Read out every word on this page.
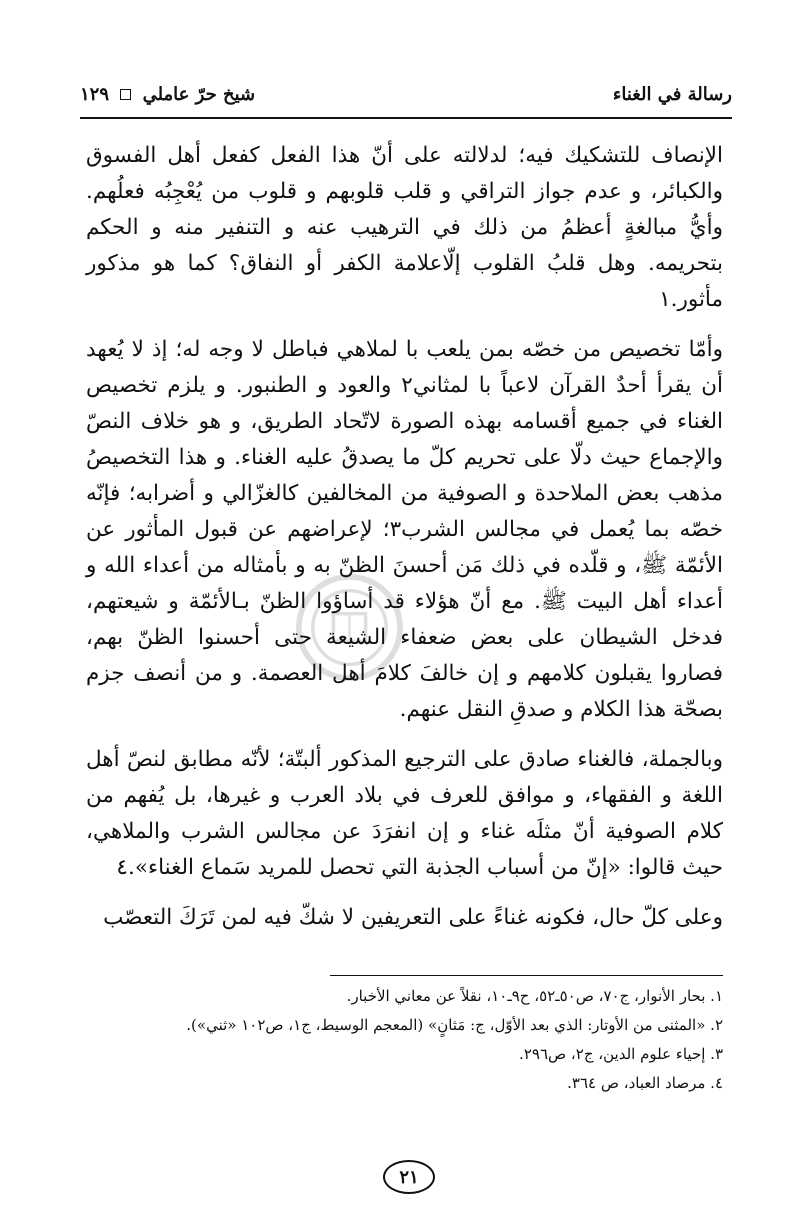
رسالة في الغناء
شيخ حرّ عاملي  ١٢٩

الإنصاف للتشكيك فيه؛ لدلالته على أنّ هذا الفعل كفعل أهل الفسوق والكبائر، و عدم جواز التراقي و قلب قلوبهم و قلوب من يُعْجِبُه فعلُهم. وأيُّ مبالغةٍ أعظمُ من ذلك في الترهيب عنه و التنفير منه و الحكم بتحريمه. وهل قلبُ القلوب إلّاعلامة الكفر أو النفاق؟ كما هو مذكور مأثور.١

وأمّا تخصيص من خصّه بمن يلعب با لملاهي فباطل لا وجه له؛ إذ لا يُعهد أن يقرأ أحدٌ القرآن لاعباً با لمثاني٢ والعود و الطنبور. و يلزم تخصيص الغناء في جميع أقسامه بهذه الصورة لاتّحاد الطريق، و هو خلاف النصّ والإجماع حيث دلّا على تحريم كلّ ما يصدقُ عليه الغناء. و هذا التخصيصُ مذهب بعض الملاحدة و الصوفية من المخالفين كالغزّالي و أضرابه؛ فإنّه خصّه بما يُعمل في مجالس الشرب٣؛ لإعراضهم عن قبول المأثور عن الأئمّة ﷺ، و قلّده في ذلك مَن أحسنَ الظنّ به و بأمثاله من أعداء الله و أعداء أهل البيت ﷺ. مع أنّ هؤلاء قد أساؤوا الظنّ بـالأئمّة و شيعتهم، فدخل الشيطان على بعض ضعفاء الشيعة حتى أحسنوا الظنّ بهم، فصاروا يقبلون كلامهم و إن خالفَ كلامَ أهل العصمة. و من أنصف جزم بصحّة هذا الكلام و صدقِ النقل عنهم.

وبالجملة، فالغناء صادق على الترجيع المذكور ألبتّة؛ لأنّه مطابق لنصّ أهل اللغة و الفقهاء، و موافق للعرف في بلاد العرب و غيرها، بل يُفهم من كلام الصوفية أنّ مثلَه غناء و إن انفرَدَ عن مجالس الشرب والملاهي، حيث قالوا: «إنّ من أسباب الجذبة التي تحصل للمريد سَماع الغناء».٤

وعلى كلّ حال، فكونه غناءً على التعريفين لا شكّ فيه لمن تَرَكَ التعصّب

١. بحار الأنوار، ج٧٠، ص٥٠ـ٥٢، ح٩ـ١٠، نقلاً عن معاني الأخبار.
٢. «المثنى من الأوتار: الذي بعد الأوّل، ج: مَثانٍ» (المعجم الوسيط، ج١، ص١٠٢ «ثني»).
٣. إحياء علوم الدين، ج٢، ص٢٩٦.
٤. مرصاد العباد، ص ٣٦٤.
٢١
